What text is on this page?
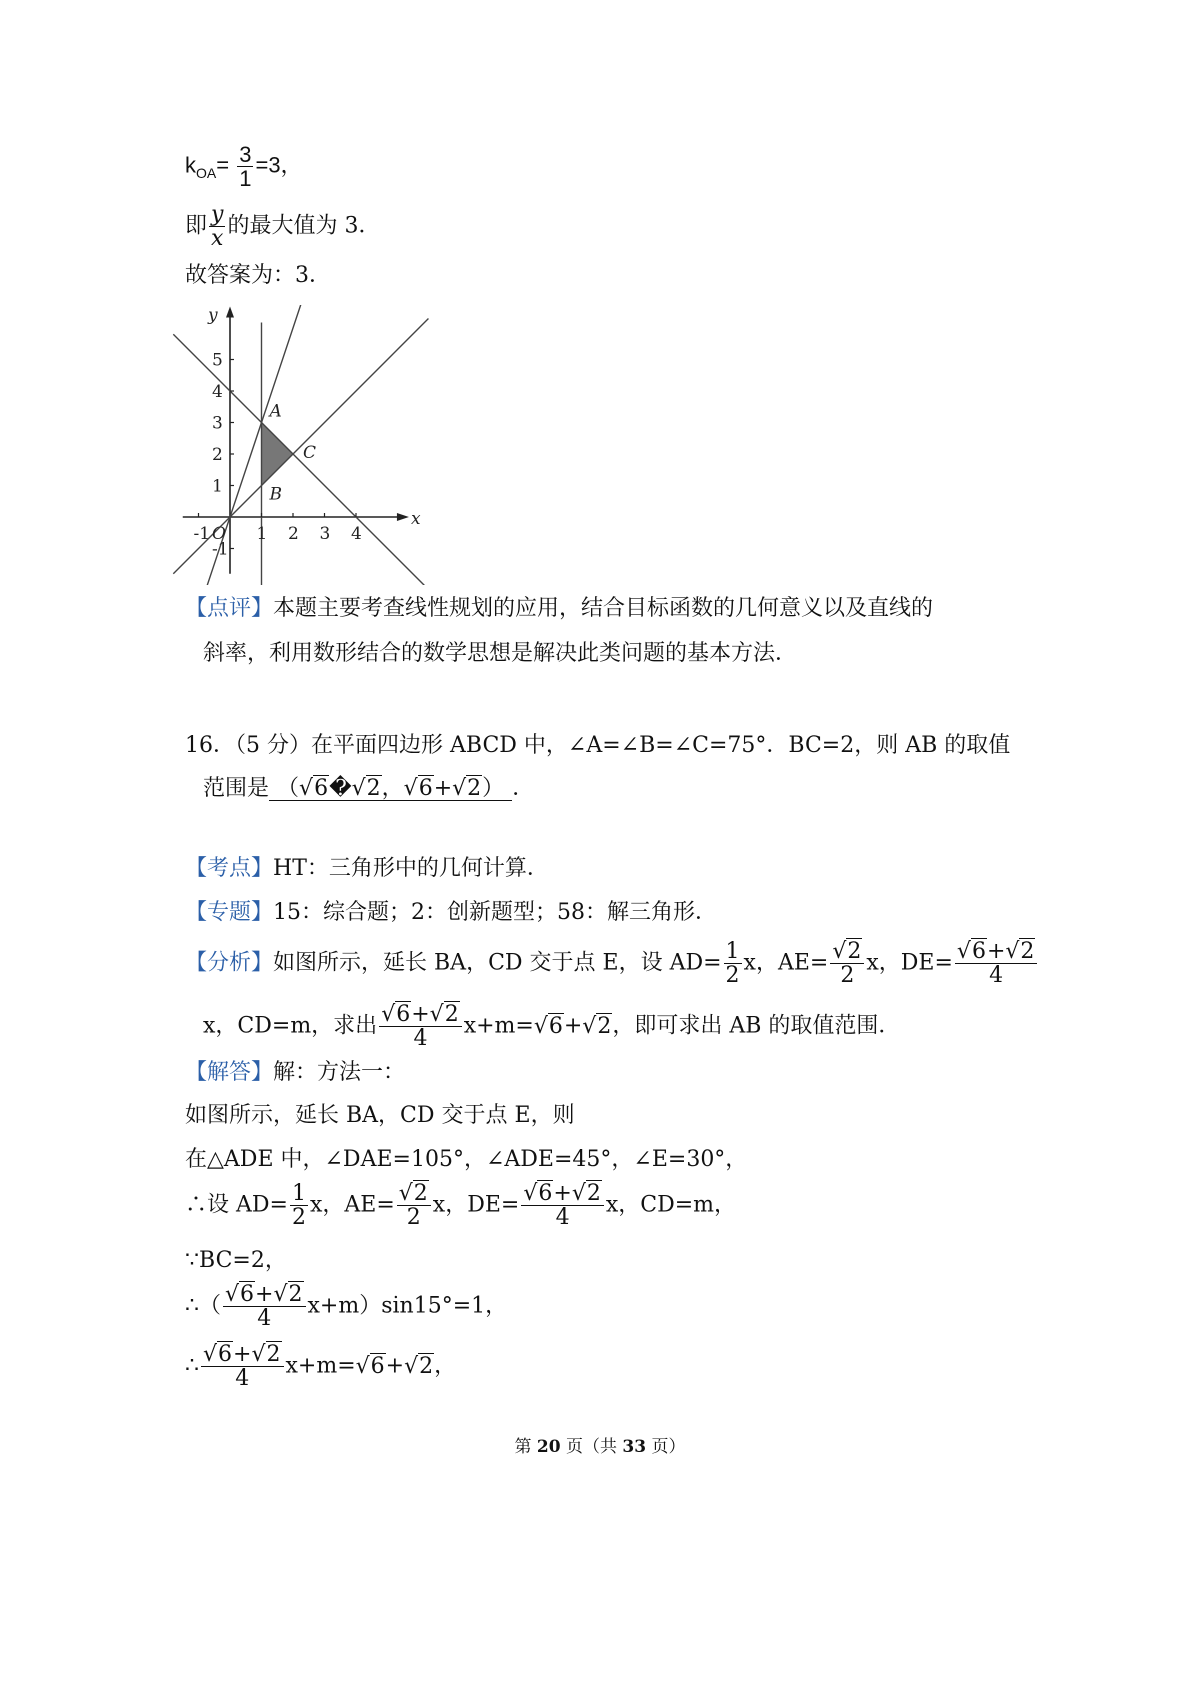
$k_{OA}= \frac{3}{1} =3$，
即 $\frac{y}{x}$ 的最大值为 3．
故答案为：3．
-1	1 2 3 4
-1
1
2
3
4
5
x
y
O
A
B
C
【点评】本题主要考查线性规划的应用，结合目标函数的几何意义以及直线的
斜率，利用数形结合的数学思想是解决此类问题的基本方法．
16．（5 分）在平面四边形 ABCD 中，∠A=∠B=∠C=75°．BC=2，则 AB 的取值
范围是 （√6�√2，√6+√2） ．
【考点】HT：三角形中的几何计算．
【专题】15：综合题；2：创新题型；58：解三角形．
【分析】如图所示，延长 BA，CD 交于点 E，设 $AD= \frac{1}{2}$ x，$AE= \frac{√2}{2}$ x，$DE= \frac{√6+√2}{4}$
x，CD=m，求出 $\frac{√6+√2}{4} x+m=√6+√2$，即可求出 AB 的取值范围．
【解答】解：方法一：
如图所示，延长 BA，CD 交于点 E，则
在△ADE 中，∠DAE=105°，∠ADE=45°，∠E=30°，
∴设 $AD= \frac{1}{2}$ x，$AE= \frac{√2}{2}$ x，$DE= \frac{√6+√2}{4}$ x，CD=m，
∵BC=2，
∴（ $\frac{√6+√2}{4} x+m)\sin 15^\circ=1$，
∴ $\frac{√6+√2}{4} x+m=√6+√2$，
第 20 页（共 33 页）
